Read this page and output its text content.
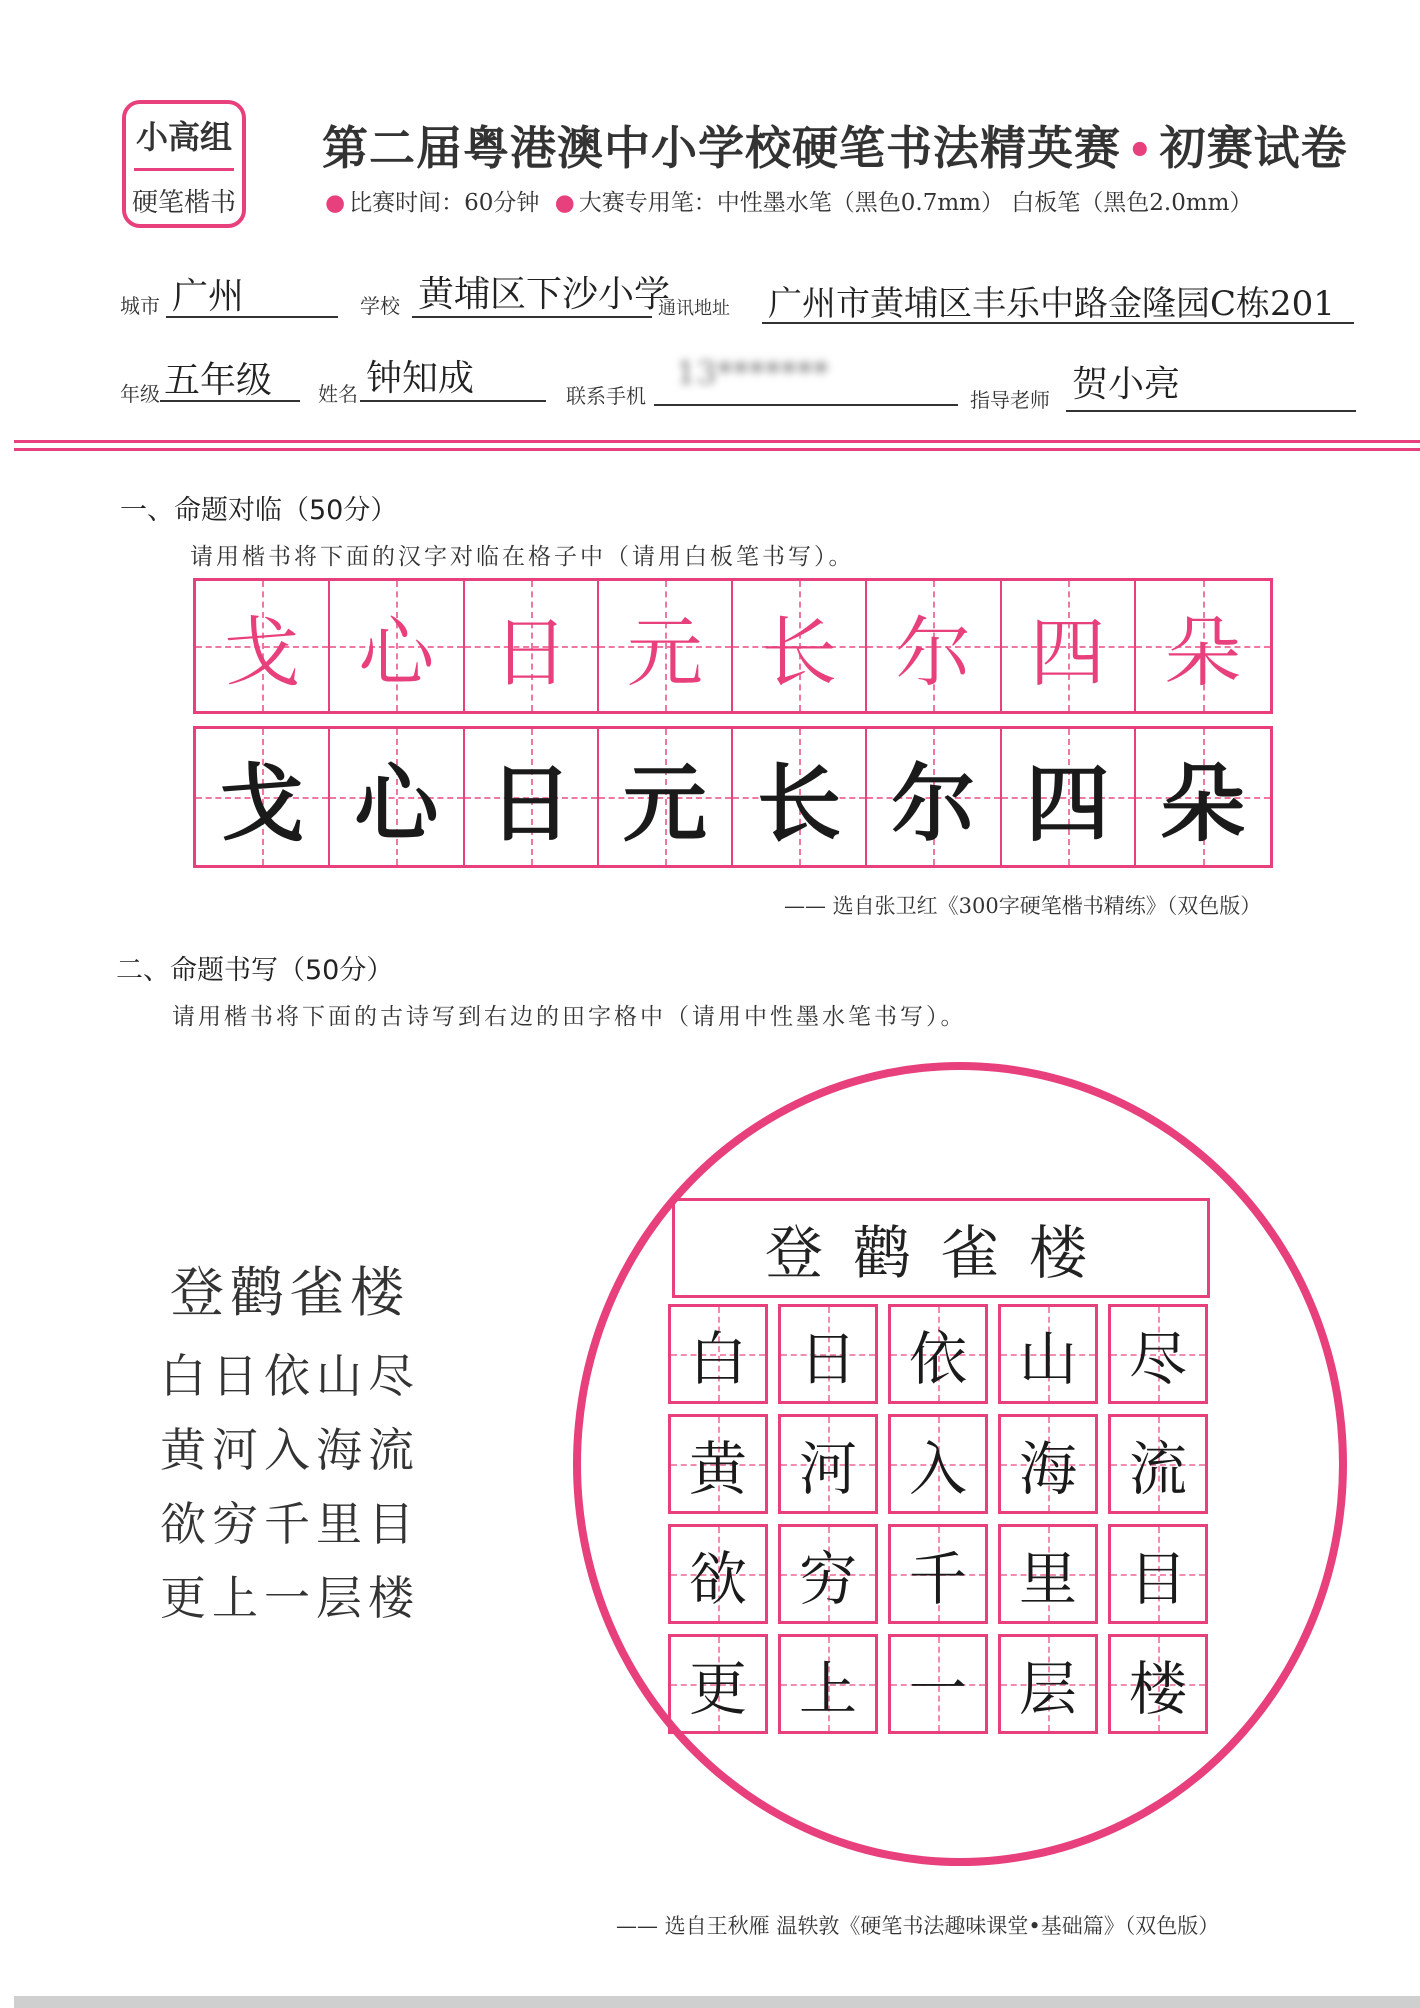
小高组
硬笔楷书
第二届粤港澳中小学校硬笔书法精英赛 • 初赛试卷
● 比赛时间：60分钟 ● 大赛专用笔：中性墨水笔（黑色0.7mm） 白板笔（黑色2.0mm）
城市 广州	学校 黄埔区下沙小学
通讯地址 广州市黄埔区丰乐中路金隆园C栋201
年级 五年级 姓名 钟知成	联系手机
13*******
指导老师 贺小亮
一、命题对临（50分）
请用楷书将下面的汉字对临在格子中（请用白板笔书写）。
戈 心 日 元 长 尔 四 朵
戈 心 日 元 长 尔 四 朵
—— 选自张卫红《300字硬笔楷书精练》（双色版）
二、命题书写（50分）
请用楷书将下面的古诗写到右边的田字格中（请用中性墨水笔书写）。
登鹳雀楼
白日依山尽
黄河入海流
欲穷千里目
更上一层楼
登鹳雀楼
白 日 依 山 尽
黄 河 入 海 流
欲 穷 千 里 目
更 上 一 层 楼
—— 选自王秋雁 温轶敦《硬笔书法趣味课堂•基础篇》（双色版）
